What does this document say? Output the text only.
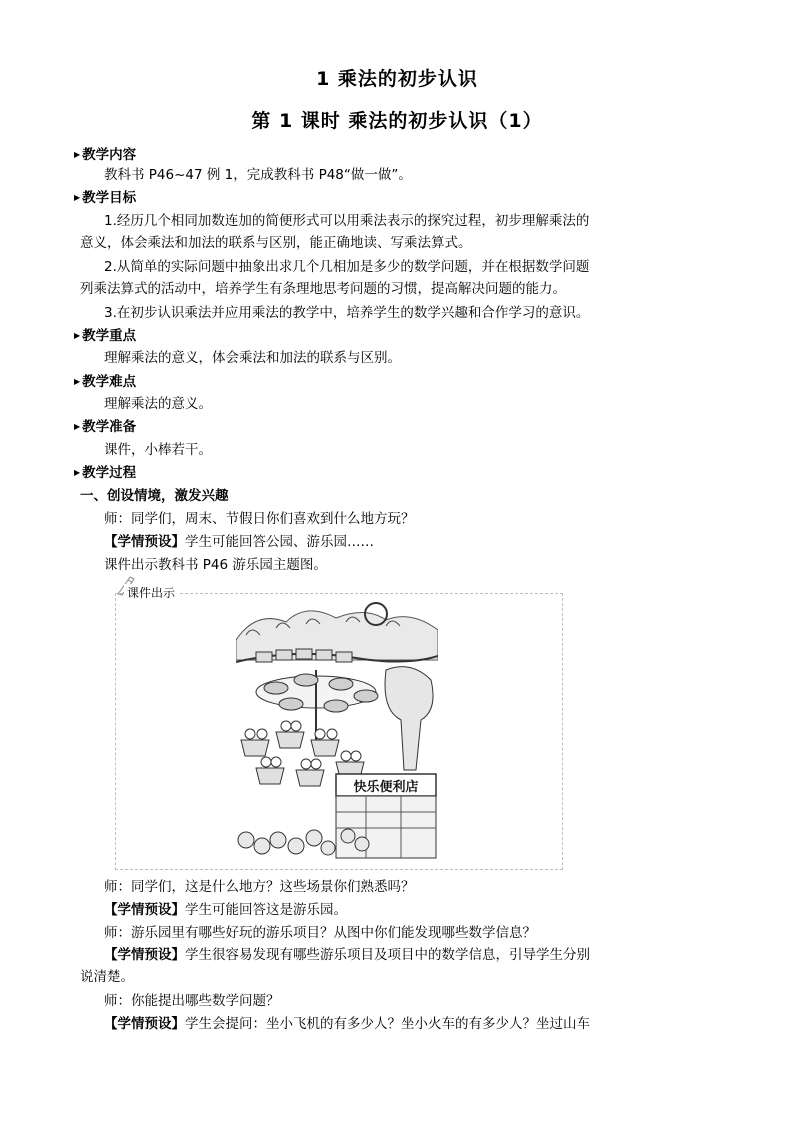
1 乘法的初步认识
第 1 课时 乘法的初步认识（1）
▶ 教学内容
教科书 P46~47 例 1，完成教科书 P48“做一做”。
▶ 教学目标
1.经历几个相同加数连加的简便形式可以用乘法表示的探究过程，初步理解乘法的
意义，体会乘法和加法的联系与区别，能正确地读、写乘法算式。
2.从简单的实际问题中抽象出求几个几相加是多少的数学问题，并在根据数学问题
列乘法算式的活动中，培养学生有条理地思考问题的习惯，提高解决问题的能力。
3.在初步认识乘法并应用乘法的教学中，培养学生的数学兴趣和合作学习的意识。
▶ 教学重点
理解乘法的意义，体会乘法和加法的联系与区别。
▶ 教学难点
理解乘法的意义。
▶ 教学准备
课件，小棒若干。
▶ 教学过程
一、创设情境，激发兴趣
师：同学们，周末、节假日你们喜欢到什么地方玩？
【学情预设】学生可能回答公园、游乐园……
课件出示教科书 P46 游乐园主题图。
课件出示
快乐便利店
师：同学们，这是什么地方？这些场景你们熟悉吗？
【学情预设】学生可能回答这是游乐园。
师：游乐园里有哪些好玩的游乐项目？从图中你们能发现哪些数学信息？
【学情预设】学生很容易发现有哪些游乐项目及项目中的数学信息，引导学生分别
说清楚。
师：你能提出哪些数学问题？
【学情预设】学生会提问：坐小飞机的有多少人？坐小火车的有多少人？坐过山车
